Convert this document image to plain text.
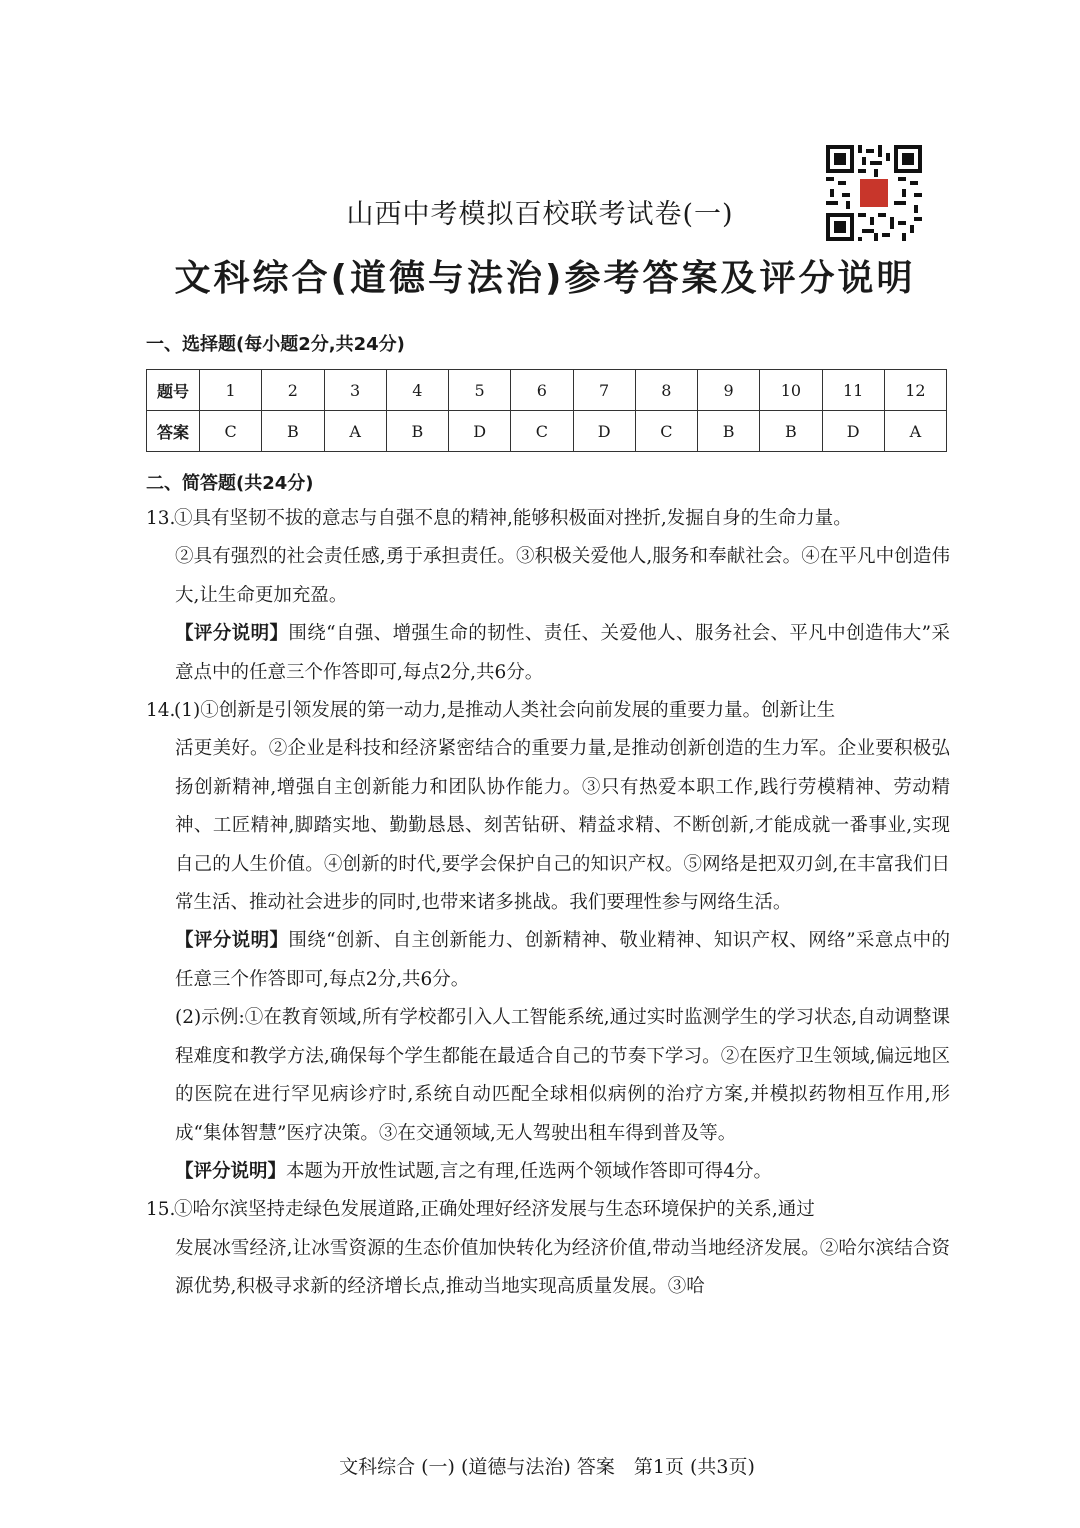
山西中考模拟百校联考试卷(一)
文科综合(道德与法治)参考答案及评分说明
一、选择题(每小题2分,共24分)
题号	1	2	3	4	5	6	7	8	9	10	11	12
答案	C	B	A	B	D	C	D	C	B	B	D	A
二、简答题(共24分)

13.①具有坚韧不拔的意志与自强不息的精神,能够积极面对挫折,发掘自身的生命力量。

②具有强烈的社会责任感,勇于承担责任。③积极关爱他人,服务和奉献社会。④在平凡中创造伟大,让生命更加充盈。

【评分说明】围绕“自强、增强生命的韧性、责任、关爱他人、服务社会、平凡中创造伟大”采意点中的任意三个作答即可,每点2分,共6分。

14.(1)①创新是引领发展的第一动力,是推动人类社会向前发展的重要力量。创新让生

活更美好。②企业是科技和经济紧密结合的重要力量,是推动创新创造的生力军。企业要积极弘扬创新精神,增强自主创新能力和团队协作能力。③只有热爱本职工作,践行劳模精神、劳动精神、工匠精神,脚踏实地、勤勤恳恳、刻苦钻研、精益求精、不断创新,才能成就一番事业,实现自己的人生价值。④创新的时代,要学会保护自己的知识产权。⑤网络是把双刃剑,在丰富我们日常生活、推动社会进步的同时,也带来诸多挑战。我们要理性参与网络生活。

【评分说明】围绕“创新、自主创新能力、创新精神、敬业精神、知识产权、网络”采意点中的任意三个作答即可,每点2分,共6分。

(2)示例:①在教育领域,所有学校都引入人工智能系统,通过实时监测学生的学习状态,自动调整课程难度和教学方法,确保每个学生都能在最适合自己的节奏下学习。②在医疗卫生领域,偏远地区的医院在进行罕见病诊疗时,系统自动匹配全球相似病例的治疗方案,并模拟药物相互作用,形成“集体智慧”医疗决策。③在交通领域,无人驾驶出租车得到普及等。

【评分说明】本题为开放性试题,言之有理,任选两个领域作答即可得4分。

15.①哈尔滨坚持走绿色发展道路,正确处理好经济发展与生态环境保护的关系,通过

发展冰雪经济,让冰雪资源的生态价值加快转化为经济价值,带动当地经济发展。②哈尔滨结合资源优势,积极寻求新的经济增长点,推动当地实现高质量发展。③哈

文科综合 (一) (道德与法治) 答案　第1页 (共3页)
